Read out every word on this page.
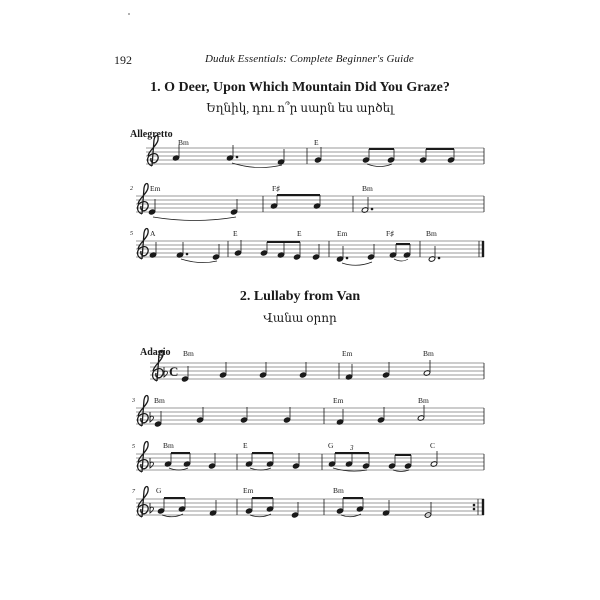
192	Duduk Essentials: Complete Beginner's Guide
1. O Deer, Upon Which Mountain Did You Graze?
Եղնիկ, դու ո՞ր սարն ես արծել
Allegretto
Bm	E
2 Em	F♯	Bm
5 A	E	E	Em	F♯	Bm
2. Lullaby from Van
Վանա օրոր
Adagio Bm	Em	Bm
3	Bm	Em	Bm
5	Bm	E	G	C
7	G	Em	Bm
C
3
